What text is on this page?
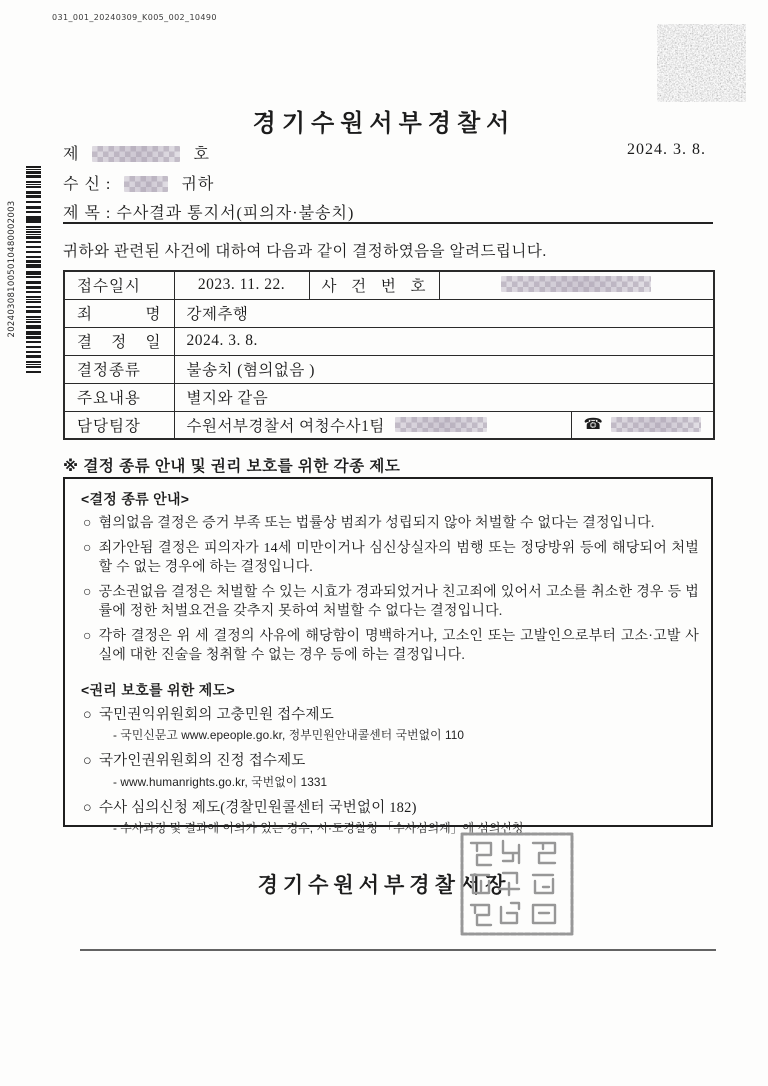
031_001_20240309_K005_002_10490
202403081005010480002003
경기수원서부경찰서
제	호	2024. 3. 8.
수 신 :	귀하
제 목 : 수사결과 통지서(피의자·불송치)
귀하와 관련된 사건에 대하여 다음과 같이 결정하였음을 알려드립니다.
접수일시	2023. 11. 22.	사 건 번 호		
죄 명	강제추행			
결 정 일	2024. 3. 8.			
결정종류	불송치 (혐의없음 )			
주요내용	별지와 같음			
담당팀장	수원서부경찰서 여청수사1팀			☎
※ 결정 종류 안내 및 권리 보호를 위한 각종 제도
<결정 종류 안내>
○ 혐의없음 결정은 증거 부족 또는 법률상 범죄가 성립되지 않아 처벌할 수 없다는 결정입니다.
○ 죄가안됨 결정은 피의자가 14세 미만이거나 심신상실자의 범행 또는 정당방위 등에 해당되어 처벌할 수 없는 경우에 하는 결정입니다.
○ 공소권없음 결정은 처벌할 수 있는 시효가 경과되었거나 친고죄에 있어서 고소를 취소한 경우 등 법률에 정한 처벌요건을 갖추지 못하여 처벌할 수 없다는 결정입니다.
○ 각하 결정은 위 세 결정의 사유에 해당함이 명백하거나, 고소인 또는 고발인으로부터 고소·고발 사실에 대한 진술을 청취할 수 없는 경우 등에 하는 결정입니다.
<권리 보호를 위한 제도>
○ 국민권익위원회의 고충민원 접수제도
- 국민신문고 www.epeople.go.kr, 정부민원안내콜센터 국번없이 110
○ 국가인권위원회의 진정 접수제도
- www.humanrights.go.kr, 국번없이 1331
○ 수사 심의신청 제도(경찰민원콜센터 국번없이 182)
- 수사과정 및 결과에 이의가 있는 경우, 시·도경찰청 「수사심의계」에 심의신청
경기수원서부경찰서장
